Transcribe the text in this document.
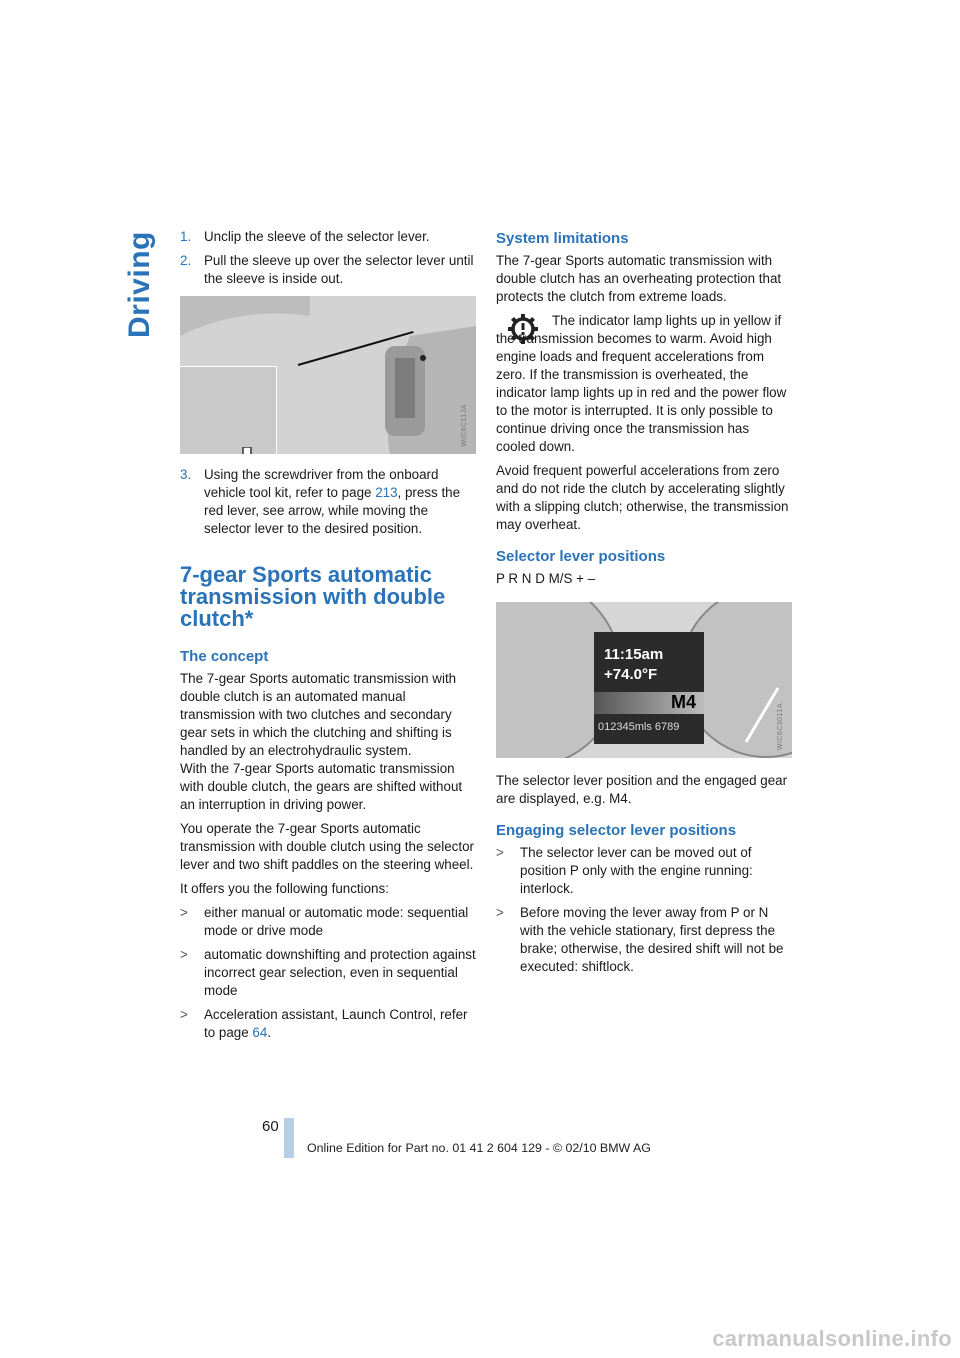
Driving 1. Unclip the sleeve of the selector lever.
2. Pull the sleeve up over the selector lever until the sleeve is inside out.
W/C6C11JA
3. Using the screwdriver from the onboard vehicle tool kit, refer to page 213, press the red lever, see arrow, while moving the selector lever to the desired position.
7-gear Sports automatic transmission with double clutch*
The concept

The 7-gear Sports automatic transmission with double clutch is an automated manual transmission with two clutches and secondary gear sets in which the clutching and shifting is handled by an electrohydraulic system.

With the 7-gear Sports automatic transmission with double clutch, the gears are shifted without an interruption in driving power.

You operate the 7-gear Sports automatic transmission with double clutch using the selector lever and two shift paddles on the steering wheel.

It offers you the following functions:

>	either manual or automatic mode: sequential mode or drive mode
>	automatic downshifting and protection against incorrect gear selection, even in sequential mode
>	Acceleration assistant, Launch Control, refer to page 64.
System limitations

The 7-gear Sports automatic transmission with double clutch has an overheating protection that protects the clutch from extreme loads.

The indicator lamp lights up in yellow if the transmission becomes to warm. Avoid high engine loads and frequent accelerations from zero. If the transmission is overheated, the indicator lamp lights up in red and the power flow to the motor is interrupted. It is only possible to continue driving once the transmission has cooled down.

Avoid frequent powerful accelerations from zero and do not ride the clutch by accelerating slightly with a slipping clutch; otherwise, the transmission may overheat.

Selector lever positions

P R N D M/S + –

11:15am
+74.0°F
M4
012345mls 6789	W/C6C3011A

The selector lever position and the engaged gear are displayed, e.g. M4.

Engaging selector lever positions
>	The selector lever can be moved out of position P only with the engine running: interlock.
>	Before moving the lever away from P or N with the vehicle stationary, first depress the brake; otherwise, the desired shift will not be executed: shiftlock.
60
Online Edition for Part no. 01 41 2 604 129 - © 02/10 BMW AG
carmanualsonline.info
